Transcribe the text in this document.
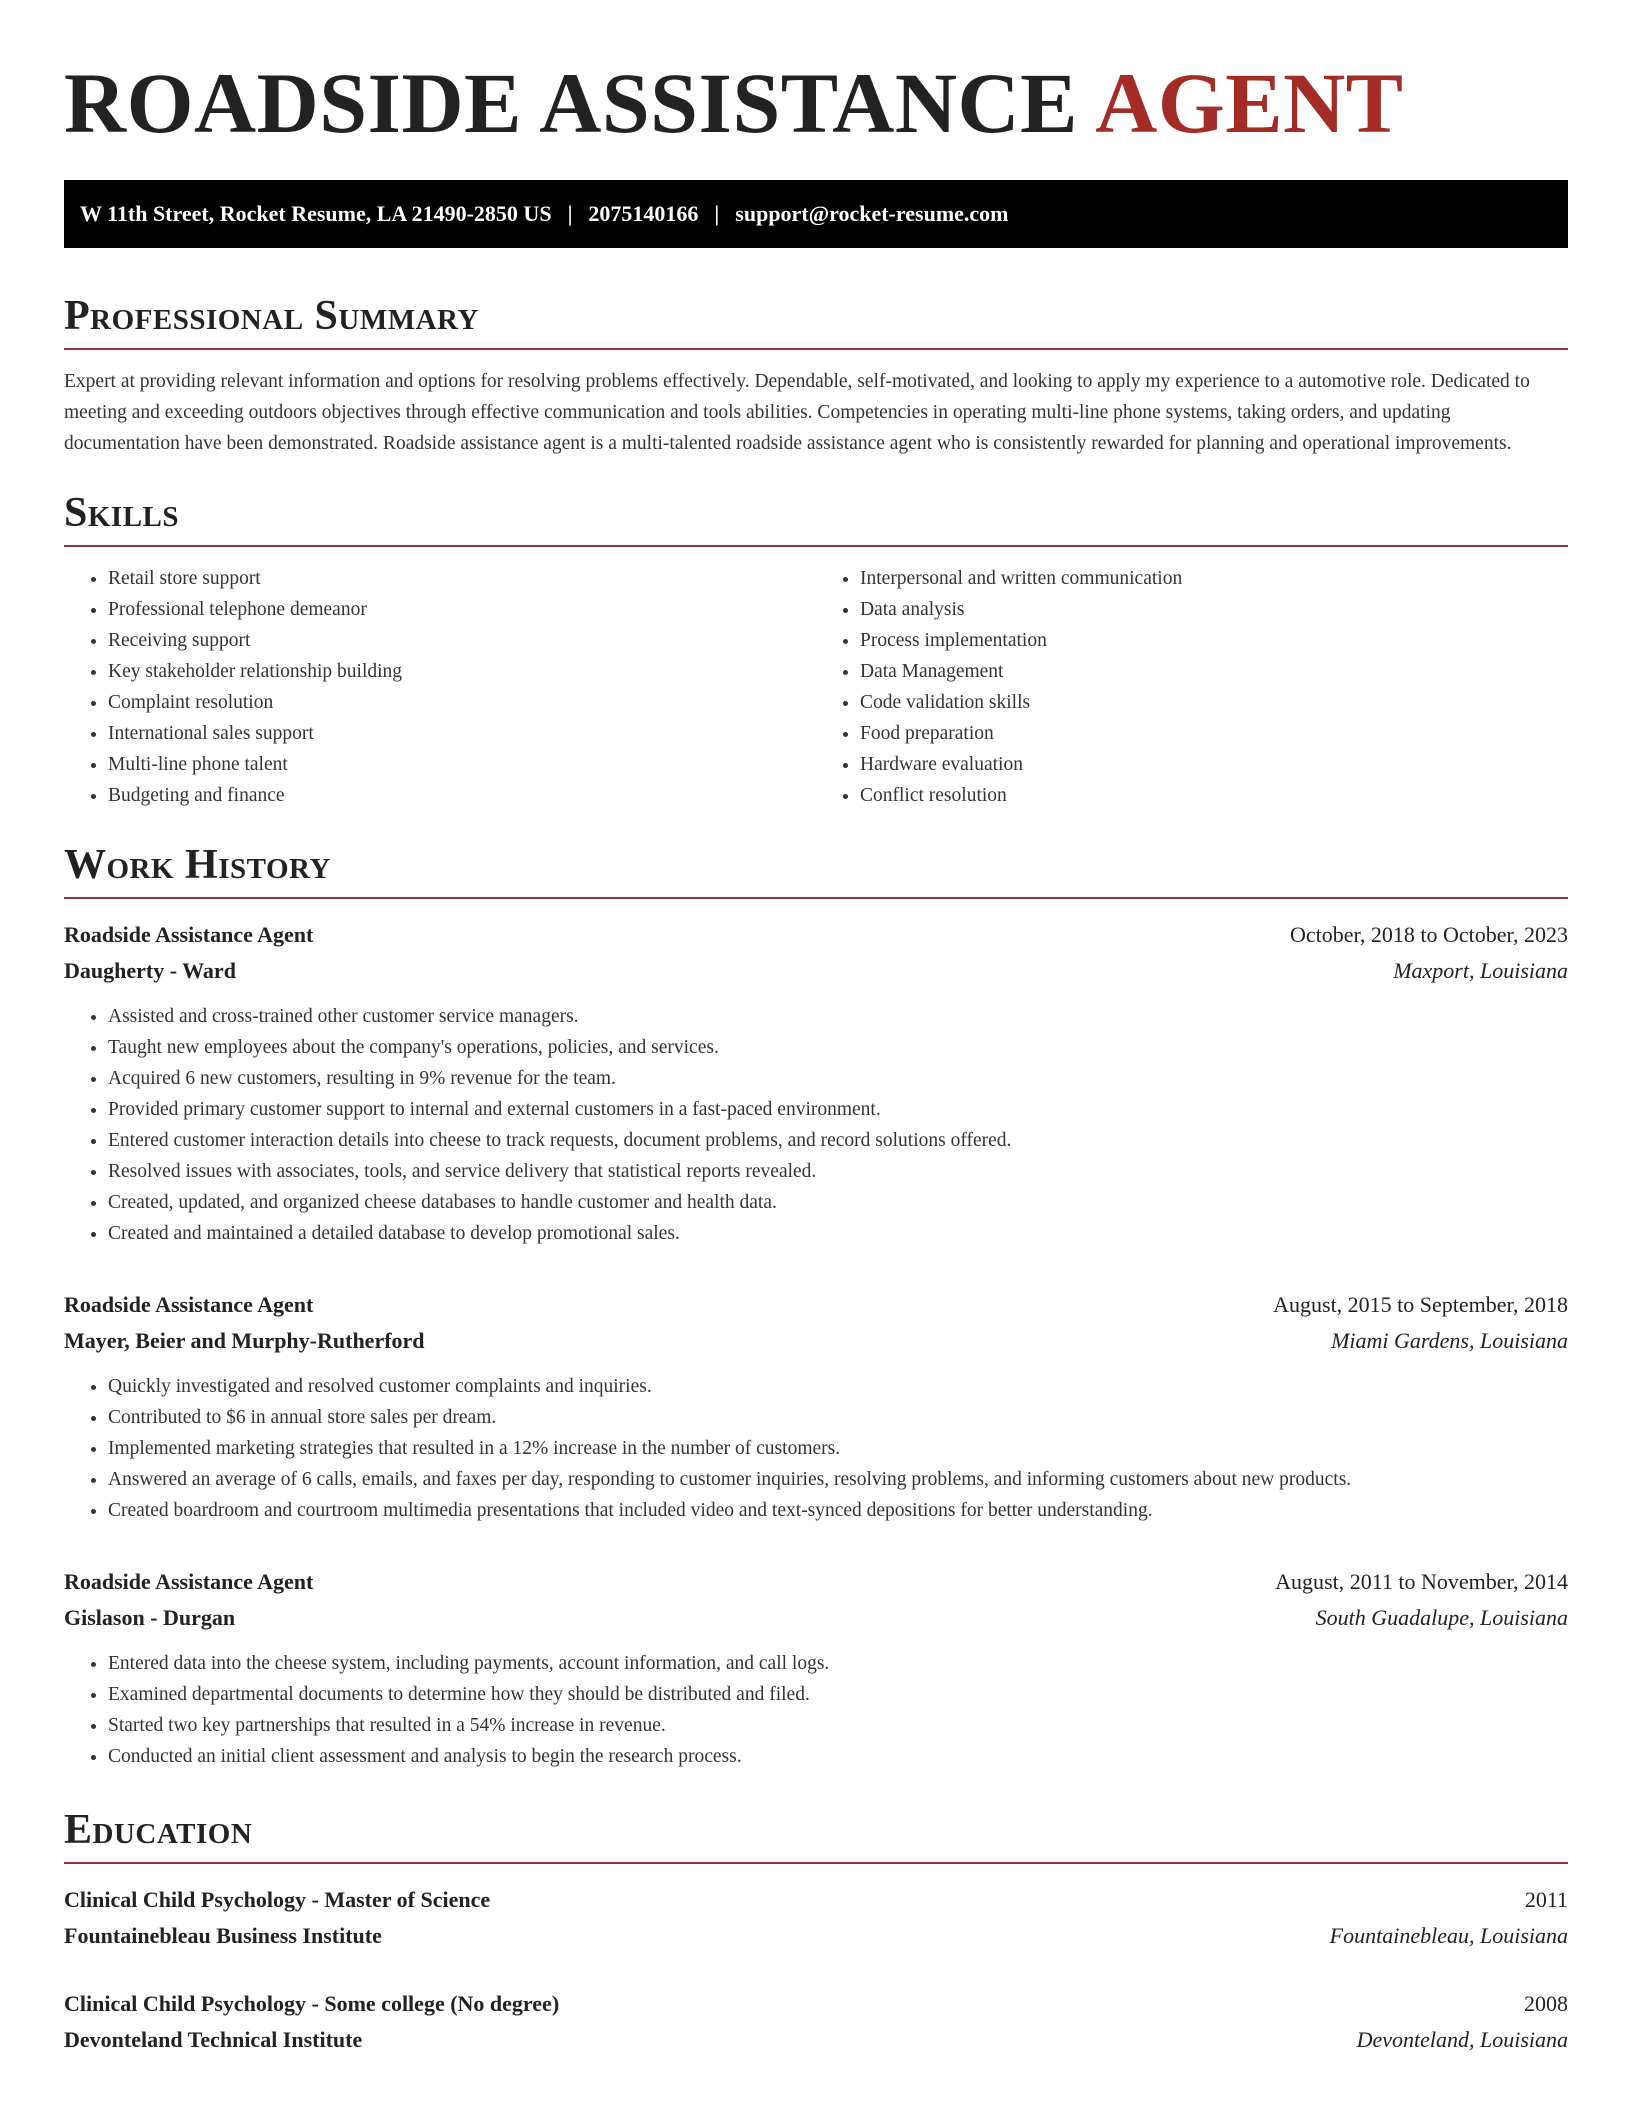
ROADSIDE ASSISTANCE AGENT
W 11th Street, Rocket Resume, LA 21490-2850 US | 2075140166 | support@rocket-resume.com
Professional Summary

Expert at providing relevant information and options for resolving problems effectively. Dependable, self-motivated, and looking to apply my experience to a automotive role. Dedicated to meeting and exceeding outdoors objectives through effective communication and tools abilities. Competencies in operating multi-line phone systems, taking orders, and updating documentation have been demonstrated. Roadside assistance agent is a multi-talented roadside assistance agent who is consistently rewarded for planning and operational improvements.

Skills
• Retail store support
• Professional telephone demeanor
• Receiving support
• Key stakeholder relationship building
• Complaint resolution
• International sales support
• Multi-line phone talent
• Budgeting and finance
• Interpersonal and written communication
• Data analysis
• Process implementation
• Data Management
• Code validation skills
• Food preparation
• Hardware evaluation
• Conflict resolution
Work History
Roadside Assistance Agent	October, 2018 to October, 2023
Daugherty - Ward	Maxport, Louisiana
• Assisted and cross-trained other customer service managers.
• Taught new employees about the company's operations, policies, and services.
• Acquired 6 new customers, resulting in 9% revenue for the team.
• Provided primary customer support to internal and external customers in a fast-paced environment.
• Entered customer interaction details into cheese to track requests, document problems, and record solutions offered.
• Resolved issues with associates, tools, and service delivery that statistical reports revealed.
• Created, updated, and organized cheese databases to handle customer and health data.
• Created and maintained a detailed database to develop promotional sales.
Roadside Assistance Agent	August, 2015 to September, 2018
Mayer, Beier and Murphy-Rutherford	Miami Gardens, Louisiana
• Quickly investigated and resolved customer complaints and inquiries.
• Contributed to $6 in annual store sales per dream.
• Implemented marketing strategies that resulted in a 12% increase in the number of customers.
• Answered an average of 6 calls, emails, and faxes per day, responding to customer inquiries, resolving problems, and informing customers about new products.
• Created boardroom and courtroom multimedia presentations that included video and text-synced depositions for better understanding.
Roadside Assistance Agent	August, 2011 to November, 2014
Gislason - Durgan	South Guadalupe, Louisiana
• Entered data into the cheese system, including payments, account information, and call logs.
• Examined departmental documents to determine how they should be distributed and filed.
• Started two key partnerships that resulted in a 54% increase in revenue.
• Conducted an initial client assessment and analysis to begin the research process.
Education
Clinical Child Psychology - Master of Science	2011
Fountainebleau Business Institute	Fountainebleau, Louisiana
Clinical Child Psychology - Some college (No degree)	2008
Devonteland Technical Institute	Devonteland, Louisiana
